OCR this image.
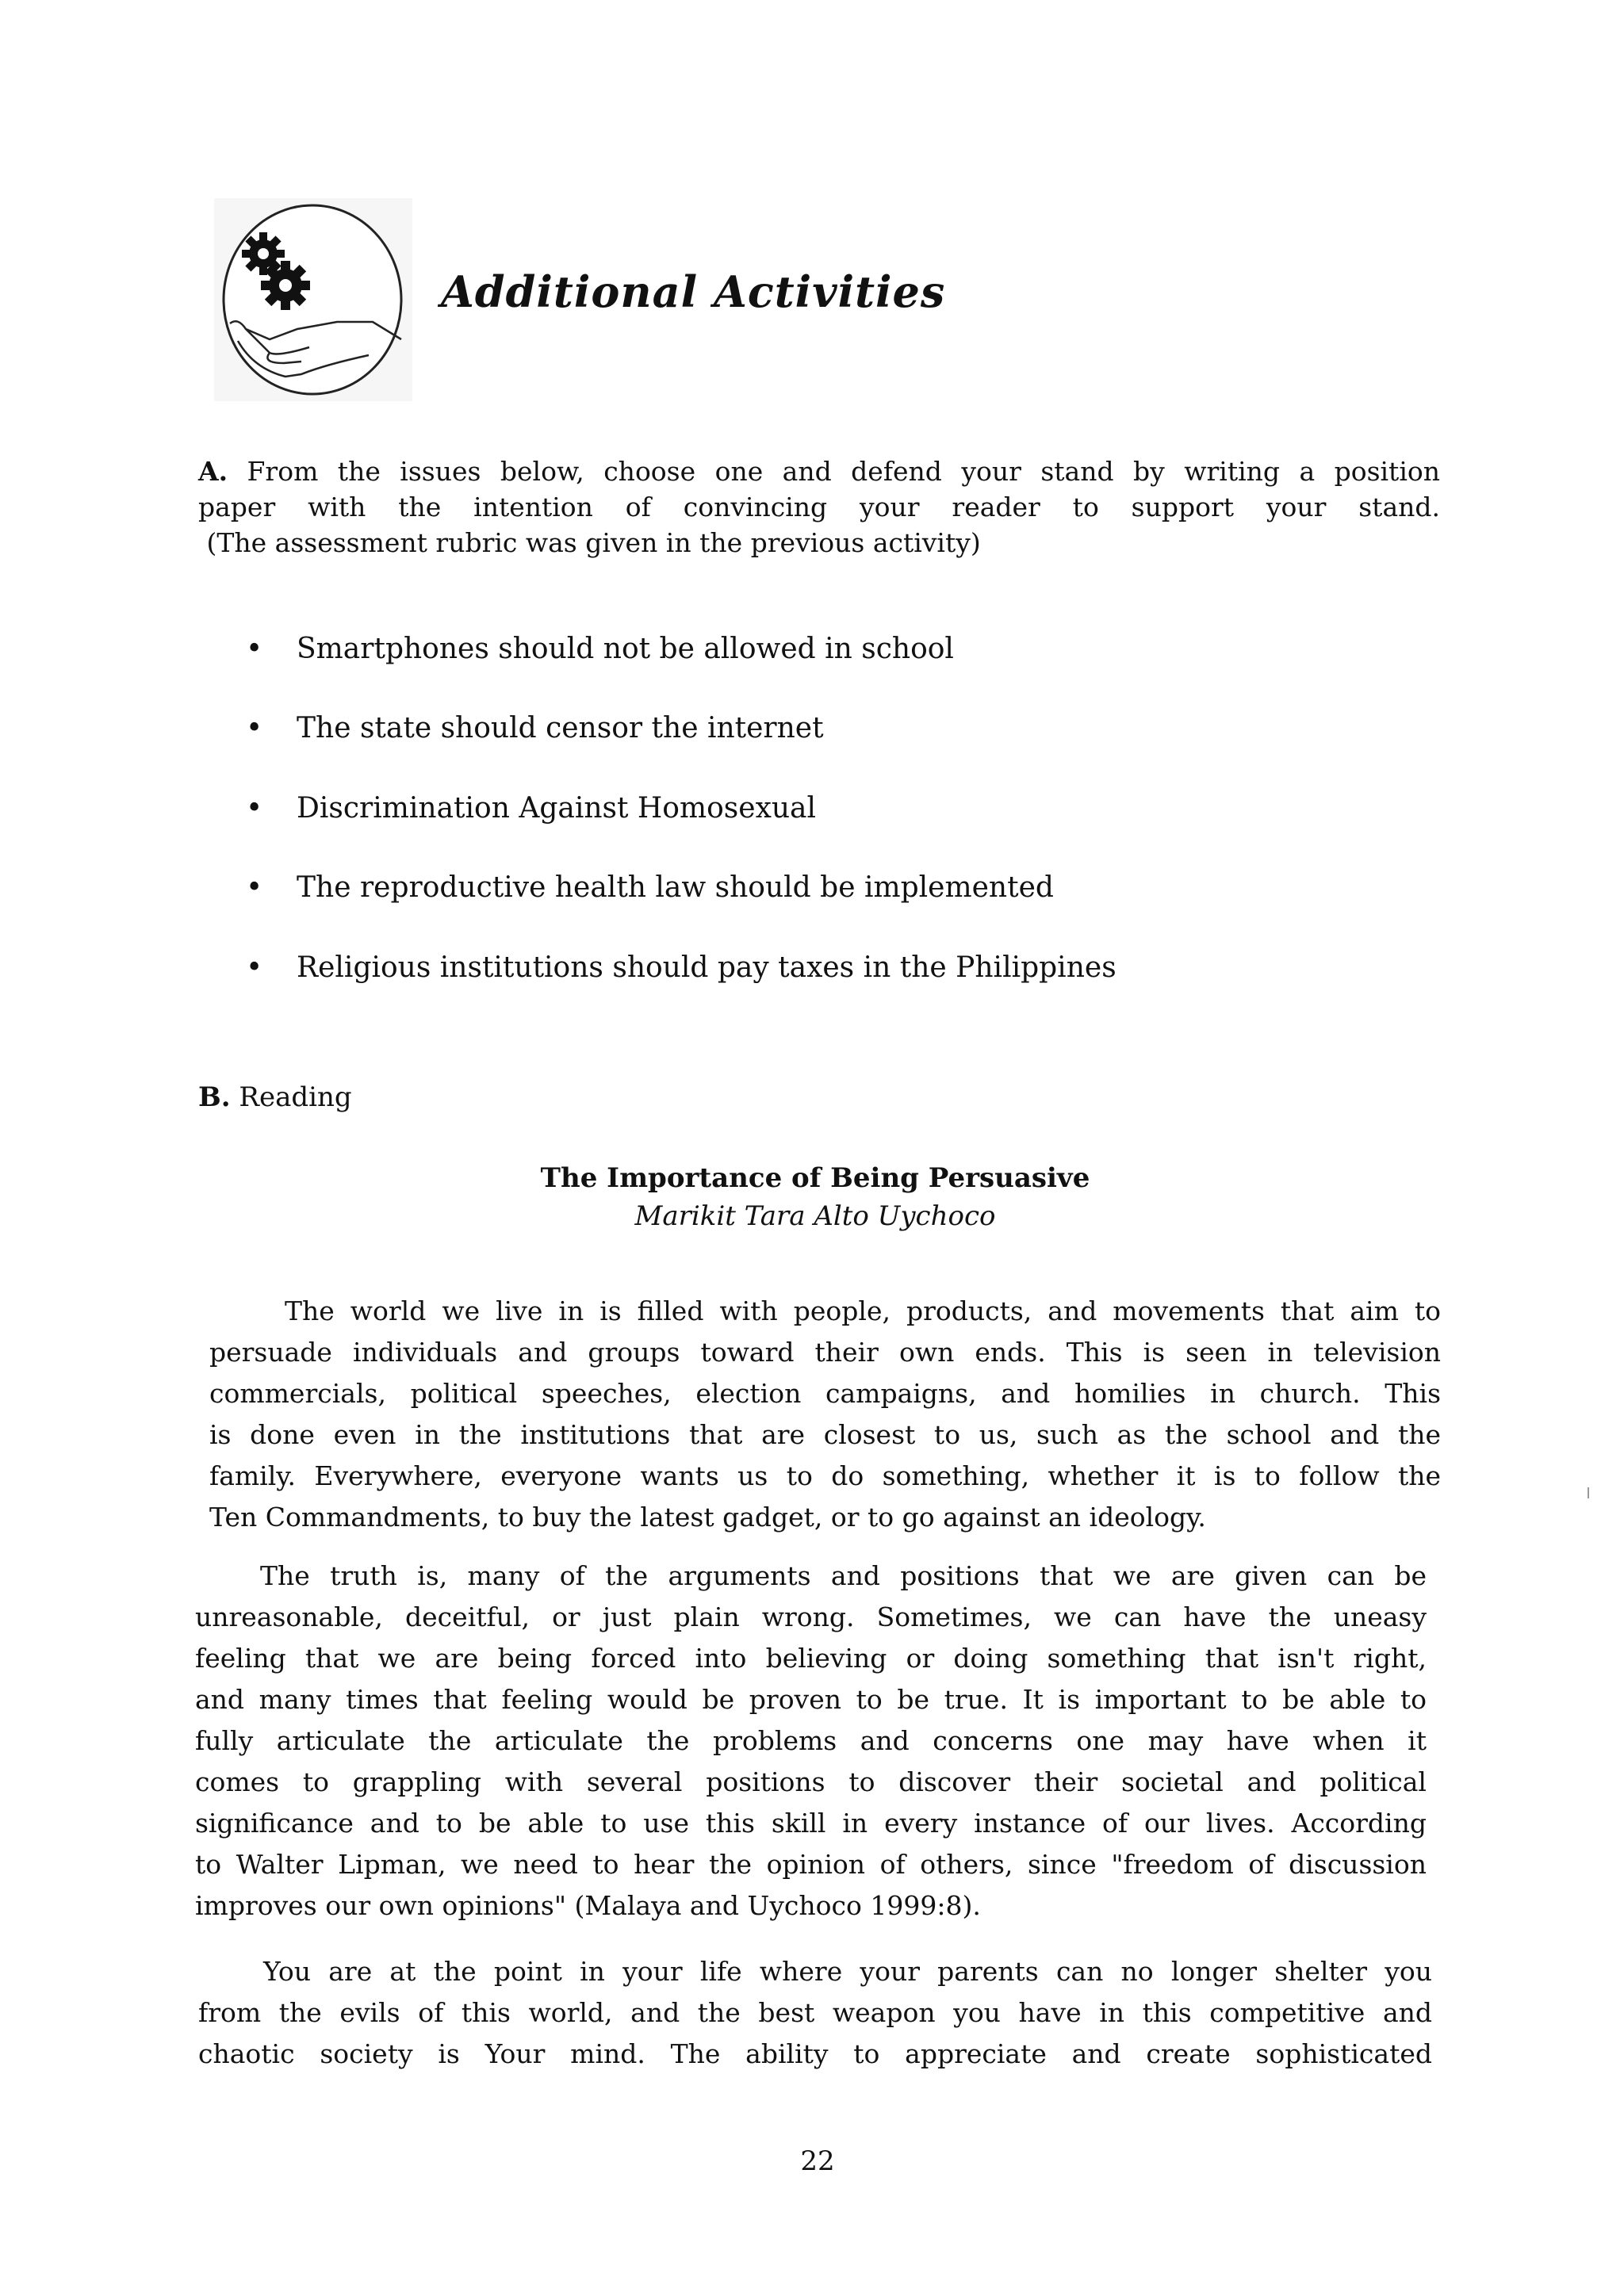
Additional Activities
A. From the issues below, choose one and defend your stand by writing a position
paper with the intention of convincing your reader to support your stand.
(The assessment rubric was given in the previous activity)
• Smartphones should not be allowed in school
• The state should censor the internet
• Discrimination Against Homosexual
• The reproductive health law should be implemented
• Religious institutions should pay taxes in the Philippines
B. Reading
The Importance of Being Persuasive
Marikit Tara Alto Uychoco
The world we live in is filled with people, products, and movements that aim to
persuade individuals and groups toward their own ends. This is seen in television
commercials, political speeches, election campaigns, and homilies in church. This
is done even in the institutions that are closest to us, such as the school and the
family. Everywhere, everyone wants us to do something, whether it is to follow the
Ten Commandments, to buy the latest gadget, or to go against an ideology.
The truth is, many of the arguments and positions that we are given can be
unreasonable, deceitful, or just plain wrong. Sometimes, we can have the uneasy
feeling that we are being forced into believing or doing something that isn't right,
and many times that feeling would be proven to be true. It is important to be able to
fully articulate the articulate the problems and concerns one may have when it
comes to grappling with several positions to discover their societal and political
significance and to be able to use this skill in every instance of our lives. According
to Walter Lipman, we need to hear the opinion of others, since "freedom of discussion
improves our own opinions" (Malaya and Uychoco 1999:8).
You are at the point in your life where your parents can no longer shelter you
from the evils of this world, and the best weapon you have in this competitive and
chaotic society is Your mind. The ability to appreciate and create sophisticated
22
